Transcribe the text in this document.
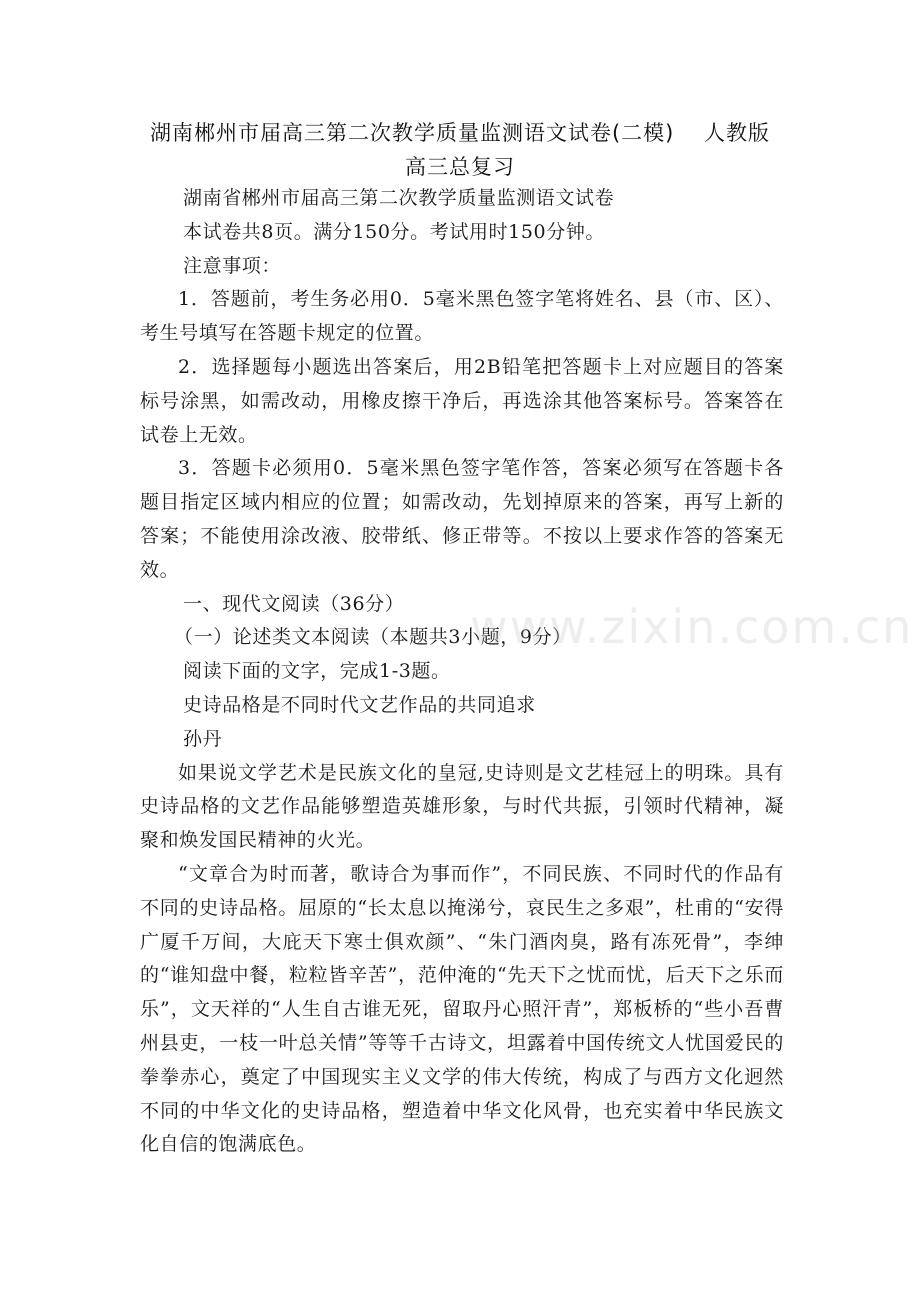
湖南郴州市届高三第二次教学质量监测语文试卷(二模)　 人教版高三总复习

湖南省郴州市届高三第二次教学质量监测语文试卷

本试卷共8页。满分150分。考试用时150分钟。

注意事项：

1．答题前，考生务必用0．5毫米黑色签字笔将姓名、县（市、区）、考生号填写在答题卡规定的位置。

2．选择题每小题选出答案后，用2B铅笔把答题卡上对应题目的答案标号涂黑，如需改动，用橡皮擦干净后，再选涂其他答案标号。答案答在试卷上无效。

3．答题卡必须用0．5毫米黑色签字笔作答，答案必须写在答题卡各题目指定区域内相应的位置；如需改动，先划掉原来的答案，再写上新的答案；不能使用涂改液、胶带纸、修正带等。不按以上要求作答的答案无效。

一、现代文阅读（36分）

（一）论述类文本阅读（本题共3小题，9分）

阅读下面的文字，完成1-3题。

史诗品格是不同时代文艺作品的共同追求

孙丹

如果说文学艺术是民族文化的皇冠,史诗则是文艺桂冠上的明珠。具有史诗品格的文艺作品能够塑造英雄形象，与时代共振，引领时代精神，凝聚和焕发国民精神的火光。

“文章合为时而著，歌诗合为事而作”，不同民族、不同时代的作品有不同的史诗品格。屈原的“长太息以掩涕兮，哀民生之多艰”，杜甫的“安得广厦千万间，大庇天下寒士俱欢颜”、“朱门酒肉臭，路有冻死骨”，李绅的“谁知盘中餐，粒粒皆辛苦”，范仲淹的“先天下之忧而忧，后天下之乐而乐”，文天祥的“人生自古谁无死，留取丹心照汗青”，郑板桥的“些小吾曹州县吏，一枝一叶总关情”等等千古诗文，坦露着中国传统文人忧国爱民的拳拳赤心，奠定了中国现实主义文学的伟大传统，构成了与西方文化迥然不同的中华文化的史诗品格，塑造着中华文化风骨，也充实着中华民族文化自信的饱满底色。

www.zixin.com.cn
